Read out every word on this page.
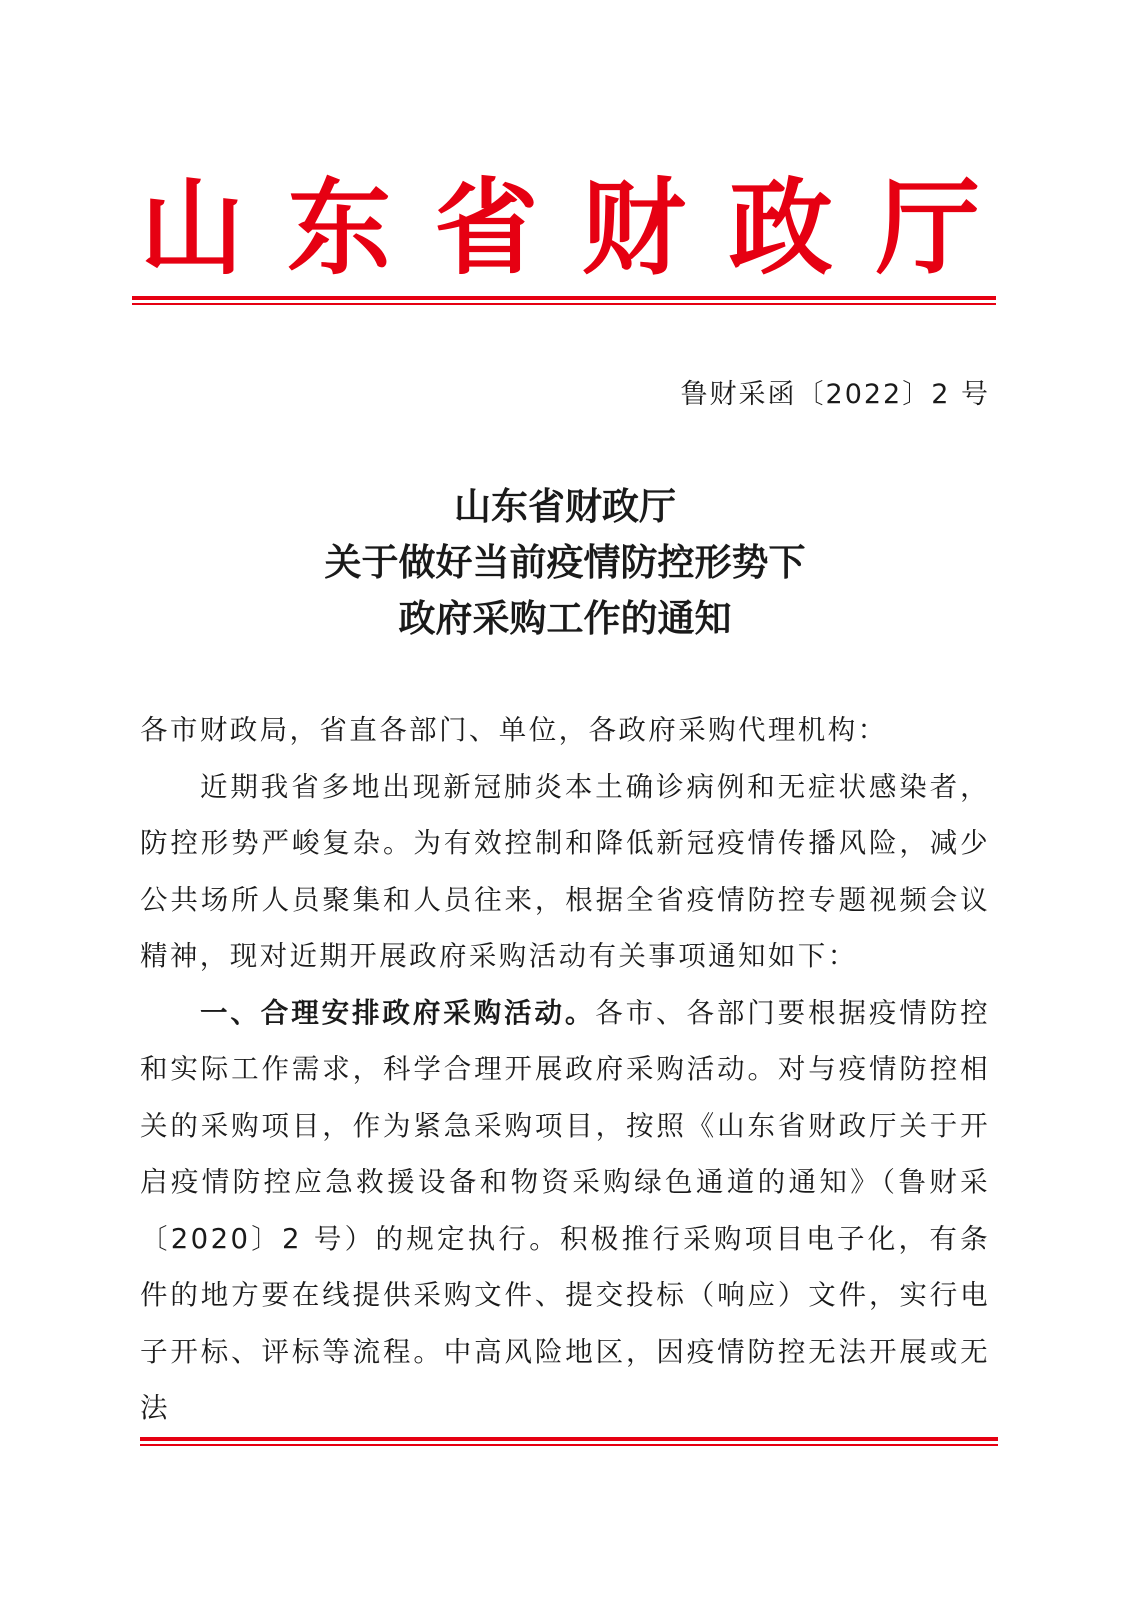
山 东 省 财 政 厅
鲁财采函〔2022〕2 号
山东省财政厅
关于做好当前疫情防控形势下
政府采购工作的通知

各市财政局，省直各部门、单位，各政府采购代理机构：

近期我省多地出现新冠肺炎本土确诊病例和无症状感染者，防控形势严峻复杂。为有效控制和降低新冠疫情传播风险，减少公共场所人员聚集和人员往来，根据全省疫情防控专题视频会议精神，现对近期开展政府采购活动有关事项通知如下：

一、合理安排政府采购活动。各市、各部门要根据疫情防控和实际工作需求，科学合理开展政府采购活动。对与疫情防控相关的采购项目，作为紧急采购项目，按照《山东省财政厅关于开启疫情防控应急救援设备和物资采购绿色通道的通知》（鲁财采〔2020〕2 号）的规定执行。积极推行采购项目电子化，有条件的地方要在线提供采购文件、提交投标（响应）文件，实行电子开标、评标等流程。中高风险地区，因疫情防控无法开展或无法
